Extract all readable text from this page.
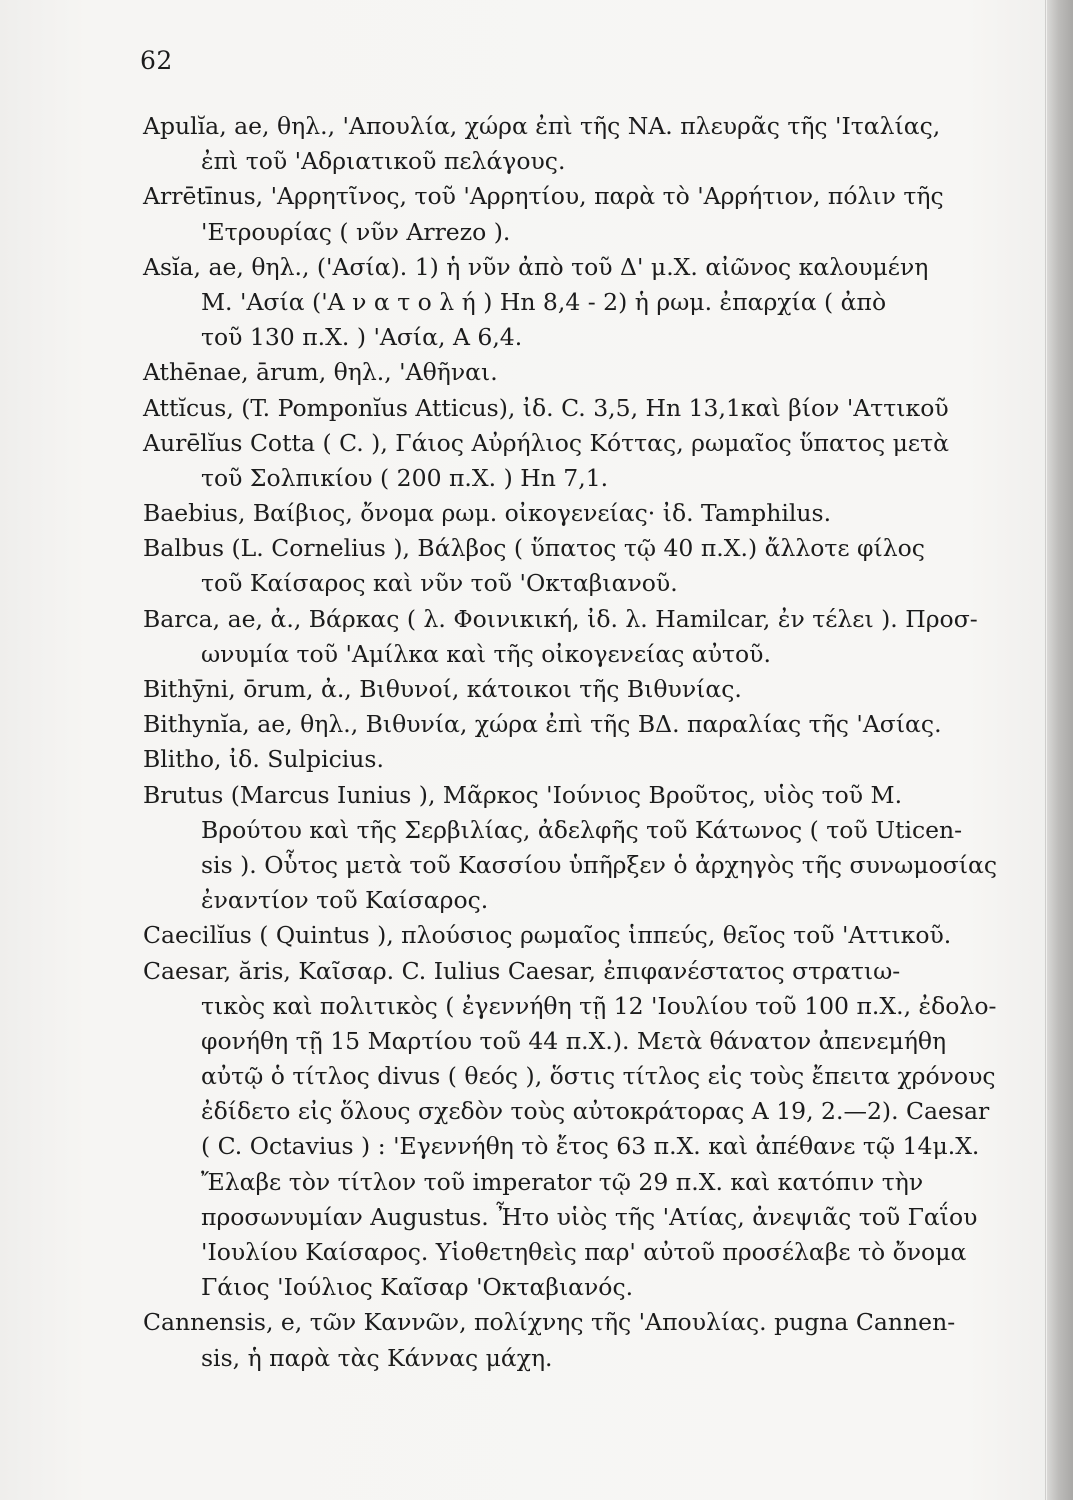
62
Apulĭa, ae, θηλ., 'Απουλία, χώρα ἐπὶ τῆς ΝΑ. πλευρᾶς τῆς 'Ιταλίας,
ἐπὶ τοῦ 'Αδριατικοῦ πελάγους.
Arrētīnus, 'Αρρητῖνος, τοῦ 'Αρρητίου, παρὰ τὸ 'Αρρήτιον, πόλιν τῆς
'Ετρουρίας ( νῦν Arrezo ).
Asĭa, ae, θηλ., ('Ασία). 1) ἡ νῦν ἀπὸ τοῦ Δ' μ.Χ. αἰῶνος καλουμένη
Μ. 'Ασία ('Α ν α τ ο λ ή ) Hn 8,4 - 2) ἡ ρωμ. ἐπαρχία ( ἀπὸ
τοῦ 130 π.Χ. ) 'Ασία, A 6,4.
Athēnae, ārum, θηλ., 'Αθῆναι.
Attĭcus, (T. Pomponĭus Atticus), ἰδ. C. 3,5, Hn 13,1καὶ βίον 'Αττικοῦ
Aurēlĭus Cotta ( C. ), Γάιος Αὐρήλιος Κόττας, ρωμαῖος ὕπατος μετὰ
τοῦ Σολπικίου ( 200 π.Χ. ) Hn 7,1.
Baebius, Βαίβιος, ὄνομα ρωμ. οἰκογενείας· ἰδ. Tamphilus.
Balbus (L. Cornelius ), Βάλβος ( ὕπατος τῷ 40 π.Χ.) ἄλλοτε φίλος
τοῦ Καίσαρος καὶ νῦν τοῦ 'Οκταβιανοῦ.
Barca, ae, ἀ., Βάρκας ( λ. Φοινικική, ἰδ. λ. Hamilcar, ἐν τέλει ). Προσ-
ωνυμία τοῦ 'Αμίλκα καὶ τῆς οἰκογενείας αὐτοῦ.
Bithȳni, ōrum, ἀ., Βιθυνοί, κάτοικοι τῆς Βιθυνίας.
Bithynĭa, ae, θηλ., Βιθυνία, χώρα ἐπὶ τῆς ΒΔ. παραλίας τῆς 'Ασίας.
Blitho, ἰδ. Sulpicius.
Brutus (Marcus Iunius ), Μᾶρκος 'Ιούνιος Βροῦτος, υἱὸς τοῦ Μ.
Βρούτου καὶ τῆς Σερβιλίας, ἀδελφῆς τοῦ Κάτωνος ( τοῦ Uticen-
sis ). Οὗτος μετὰ τοῦ Κασσίου ὑπῆρξεν ὁ ἀρχηγὸς τῆς συνωμοσίας
ἐναντίον τοῦ Καίσαρος.
Caecilĭus ( Quintus ), πλούσιος ρωμαῖος ἱππεύς, θεῖος τοῦ 'Αττικοῦ.
Caesar, ăris, Καῖσαρ. C. Iulius Caesar, ἐπιφανέστατος στρατιω-
τικὸς καὶ πολιτικὸς ( ἐγεννήθη τῇ 12 'Ιουλίου τοῦ 100 π.Χ., ἐδολο-
φονήθη τῇ 15 Μαρτίου τοῦ 44 π.Χ.). Μετὰ θάνατον ἀπενεμήθη
αὐτῷ ὁ τίτλος divus ( θεός ), ὅστις τίτλος εἰς τοὺς ἔπειτα χρόνους
ἐδίδετο εἰς ὅλους σχεδὸν τοὺς αὐτοκράτορας A 19, 2.—2). Caesar
( C. Octavius ) : 'Εγεννήθη τὸ ἔτος 63 π.Χ. καὶ ἀπέθανε τῷ 14μ.Χ.
Ἔλαβε τὸν τίτλον τοῦ imperator τῷ 29 π.Χ. καὶ κατόπιν τὴν
προσωνυμίαν Augustus. Ἦτο υἱὸς τῆς 'Ατίας, ἀνεψιᾶς τοῦ Γαΐου
'Ιουλίου Καίσαρος. Υἱοθετηθεὶς παρ' αὐτοῦ προσέλαβε τὸ ὄνομα
Γάιος 'Ιούλιος Καῖσαρ 'Οκταβιανός.
Cannensis, e, τῶν Καννῶν, πολίχνης τῆς 'Απουλίας. pugna Cannen-
sis, ἡ παρὰ τὰς Κάννας μάχη.
